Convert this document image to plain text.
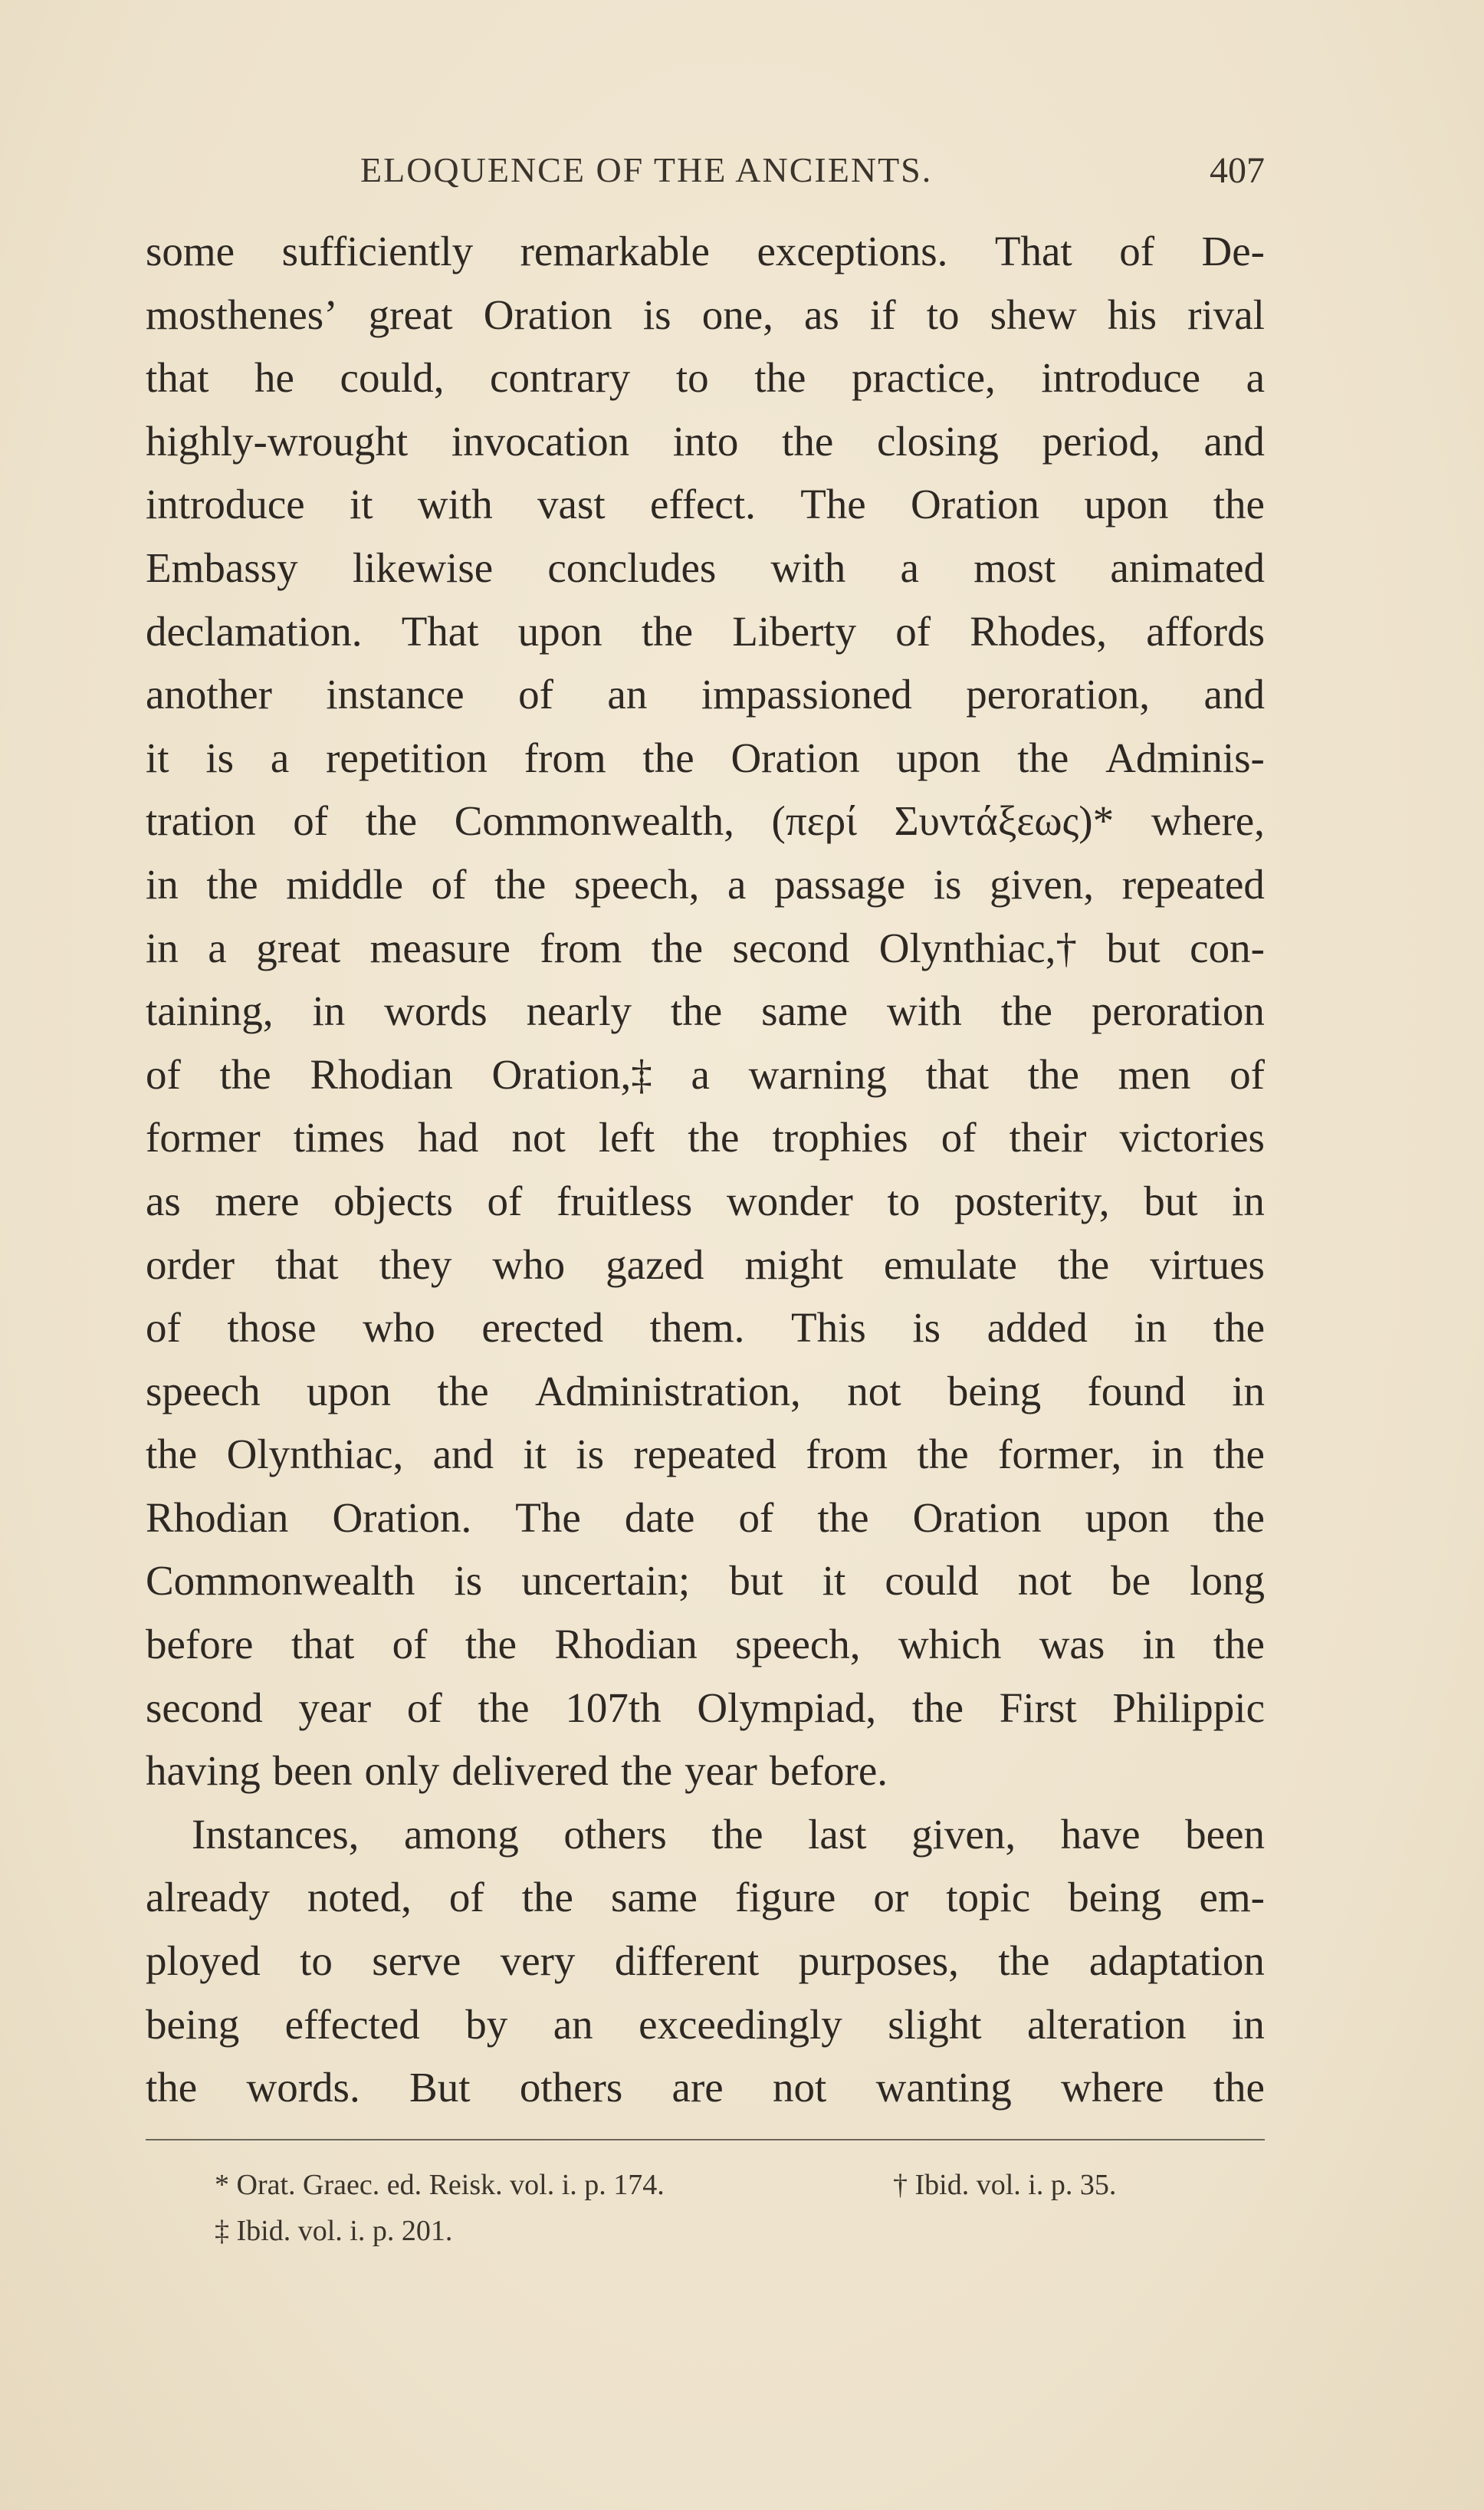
ELOQUENCE OF THE ANCIENTS.	407
some sufficiently remarkable exceptions. That of De-
mosthenes’ great Oration is one, as if to shew his rival
that he could, contrary to the practice, introduce a
highly-wrought invocation into the closing period, and
introduce it with vast effect. The Oration upon the
Embassy likewise concludes with a most animated
declamation. That upon the Liberty of Rhodes, affords
another instance of an impassioned peroration, and
it is a repetition from the Oration upon the Adminis-
tration of the Commonwealth, (περί Συντάξεως)* where,
in the middle of the speech, a passage is given, repeated
in a great measure from the second Olynthiac,† but con-
taining, in words nearly the same with the peroration
of the Rhodian Oration,‡ a warning that the men of
former times had not left the trophies of their victories
as mere objects of fruitless wonder to posterity, but in
order that they who gazed might emulate the virtues
of those who erected them. This is added in the
speech upon the Administration, not being found in
the Olynthiac, and it is repeated from the former, in the
Rhodian Oration. The date of the Oration upon the
Commonwealth is uncertain; but it could not be long
before that of the Rhodian speech, which was in the
second year of the 107th Olympiad, the First Philippic
having been only delivered the year before.
Instances, among others the last given, have been
already noted, of the same figure or topic being em-
ployed to serve very different purposes, the adaptation
being effected by an exceedingly slight alteration in
the words. But others are not wanting where the
* Orat. Graec. ed. Reisk. vol. i. p. 174.	† Ibid. vol. i. p. 35.
‡ Ibid. vol. i. p. 201.
